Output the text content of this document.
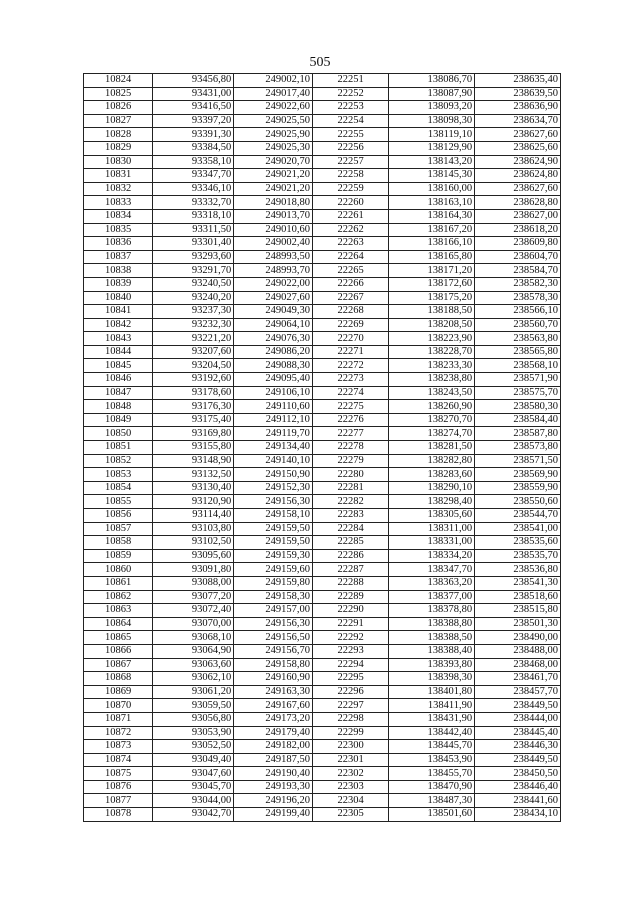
505
10824	93456,80	249002,10	22251	138086,70	238635,40
10825	93431,00	249017,40	22252	138087,90	238639,50
10826	93416,50	249022,60	22253	138093,20	238636,90
10827	93397,20	249025,50	22254	138098,30	238634,70
10828	93391,30	249025,90	22255	138119,10	238627,60
10829	93384,50	249025,30	22256	138129,90	238625,60
10830	93358,10	249020,70	22257	138143,20	238624,90
10831	93347,70	249021,20	22258	138145,30	238624,80
10832	93346,10	249021,20	22259	138160,00	238627,60
10833	93332,70	249018,80	22260	138163,10	238628,80
10834	93318,10	249013,70	22261	138164,30	238627,00
10835	93311,50	249010,60	22262	138167,20	238618,20
10836	93301,40	249002,40	22263	138166,10	238609,80
10837	93293,60	248993,50	22264	138165,80	238604,70
10838	93291,70	248993,70	22265	138171,20	238584,70
10839	93240,50	249022,00	22266	138172,60	238582,30
10840	93240,20	249027,60	22267	138175,20	238578,30
10841	93237,30	249049,30	22268	138188,50	238566,10
10842	93232,30	249064,10	22269	138208,50	238560,70
10843	93221,20	249076,30	22270	138223,90	238563,80
10844	93207,60	249086,20	22271	138228,70	238565,80
10845	93204,50	249088,30	22272	138233,30	238568,10
10846	93192,60	249095,40	22273	138238,80	238571,90
10847	93178,60	249106,10	22274	138243,50	238575,70
10848	93176,30	249110,60	22275	138260,90	238580,30
10849	93175,40	249112,10	22276	138270,70	238584,40
10850	93169,80	249119,70	22277	138274,70	238587,80
10851	93155,80	249134,40	22278	138281,50	238573,80
10852	93148,90	249140,10	22279	138282,80	238571,50
10853	93132,50	249150,90	22280	138283,60	238569,90
10854	93130,40	249152,30	22281	138290,10	238559,90
10855	93120,90	249156,30	22282	138298,40	238550,60
10856	93114,40	249158,10	22283	138305,60	238544,70
10857	93103,80	249159,50	22284	138311,00	238541,00
10858	93102,50	249159,50	22285	138331,00	238535,60
10859	93095,60	249159,30	22286	138334,20	238535,70
10860	93091,80	249159,60	22287	138347,70	238536,80
10861	93088,00	249159,80	22288	138363,20	238541,30
10862	93077,20	249158,30	22289	138377,00	238518,60
10863	93072,40	249157,00	22290	138378,80	238515,80
10864	93070,00	249156,30	22291	138388,80	238501,30
10865	93068,10	249156,50	22292	138388,50	238490,00
10866	93064,90	249156,70	22293	138388,40	238488,00
10867	93063,60	249158,80	22294	138393,80	238468,00
10868	93062,10	249160,90	22295	138398,30	238461,70
10869	93061,20	249163,30	22296	138401,80	238457,70
10870	93059,50	249167,60	22297	138411,90	238449,50
10871	93056,80	249173,20	22298	138431,90	238444,00
10872	93053,90	249179,40	22299	138442,40	238445,40
10873	93052,50	249182,00	22300	138445,70	238446,30
10874	93049,40	249187,50	22301	138453,90	238449,50
10875	93047,60	249190,40	22302	138455,70	238450,50
10876	93045,70	249193,30	22303	138470,90	238446,40
10877	93044,00	249196,20	22304	138487,30	238441,60
10878	93042,70	249199,40	22305	138501,60	238434,10
